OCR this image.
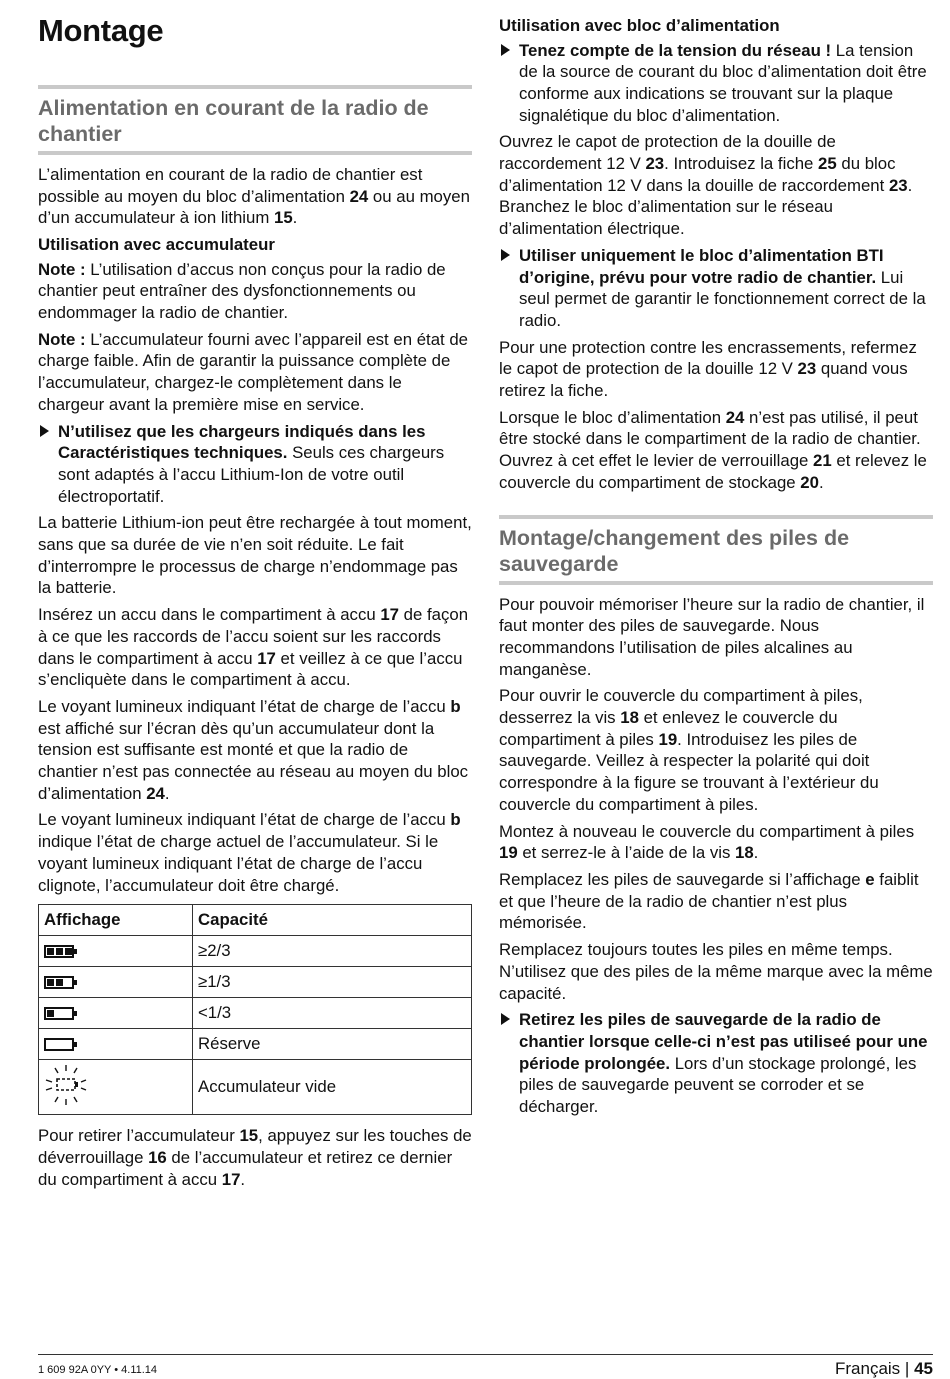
Montage
Alimentation en courant de la radio de chantier

L’alimentation en courant de la radio de chantier est possible au moyen du bloc d’alimentation 24 ou au moyen d’un accumulateur à ion lithium 15.

Utilisation avec accumulateur

Note : L’utilisation d’accus non conçus pour la radio de chantier peut entraîner des dysfonctionnements ou endommager la radio de chantier.

Note : L’accumulateur fourni avec l’appareil est en état de charge faible. Afin de garantir la puissance complète de l’accumulateur, chargez-le complètement dans le chargeur avant la première mise en service.

N’utilisez que les chargeurs indiqués dans les Caractéristiques techniques. Seuls ces chargeurs sont adaptés à l’accu Lithium-Ion de votre outil électroportatif.

La batterie Lithium-ion peut être rechargée à tout moment, sans que sa durée de vie n’en soit réduite. Le fait d’interrompre le processus de charge n’endommage pas la batterie.

Insérez un accu dans le compartiment à accu 17 de façon à ce que les raccords de l’accu soient sur les raccords dans le compartiment à accu 17 et veillez à ce que l’accu s’encliquète dans le compartiment à accu.

Le voyant lumineux indiquant l’état de charge de l’accu b est affiché sur l’écran dès qu’un accumulateur dont la tension est suffisante est monté et que la radio de chantier n’est pas connectée au réseau au moyen du bloc d’alimentation 24.

Le voyant lumineux indiquant l’état de charge de l’accu b indique l’état de charge actuel de l’accumulateur. Si le voyant lumineux indiquant l’état de charge de l’accu clignote, l’accumulateur doit être chargé.

Affichage	Capacité

	≥2/3

	≥1/3

	<1/3
	Réserve
	Accumulateur vide

Pour retirer l’accumulateur 15, appuyez sur les touches de déverrouillage 16 de l’accumulateur et retirez ce dernier du compartiment à accu 17.

Utilisation avec bloc d’alimentation
Tenez compte de la tension du réseau ! La tension de la source de courant du bloc d’alimentation doit être conforme aux indications se trouvant sur la plaque signalétique du bloc d’alimentation.

Ouvrez le capot de protection de la douille de raccordement 12 V 23. Introduisez la fiche 25 du bloc d’alimentation 12 V dans la douille de raccordement 23. Branchez le bloc d’alimentation sur le réseau d’alimentation électrique.

Utiliser uniquement le bloc d’alimentation BTI d’origine, prévu pour votre radio de chantier. Lui seul permet de garantir le fonctionnement correct de la radio.

Pour une protection contre les encrassements, refermez le capot de protection de la douille 12 V 23 quand vous retirez la fiche.

Lorsque le bloc d’alimentation 24 n’est pas utilisé, il peut être stocké dans le compartiment de la radio de chantier. Ouvrez à cet effet le levier de verrouillage 21 et relevez le couvercle du compartiment de stockage 20.

Montage/changement des piles de sauvegarde

Pour pouvoir mémoriser l’heure sur la radio de chantier, il faut monter des piles de sauvegarde. Nous recommandons l’utilisation de piles alcalines au manganèse.

Pour ouvrir le couvercle du compartiment à piles, desserrez la vis 18 et enlevez le couvercle du compartiment à piles 19. Introduisez les piles de sauvegarde. Veillez à respecter la polarité qui doit correspondre à la figure se trouvant à l’extérieur du couvercle du compartiment à piles.

Montez à nouveau le couvercle du compartiment à piles 19 et serrez-le à l’aide de la vis 18.

Remplacez les piles de sauvegarde si l’affichage e faiblit et que l’heure de la radio de chantier n’est plus mémorisée.

Remplacez toujours toutes les piles en même temps. N’utilisez que des piles de la même marque avec la même capacité.

Retirez les piles de sauvegarde de la radio de chantier lorsque celle-ci n’est pas utiliseé pour une période prolongée. Lors d’un stockage prolongé, les piles de sauvegarde peuvent se corroder et se décharger.
1 609 92A 0YY • 4.11.14	Français | 45
